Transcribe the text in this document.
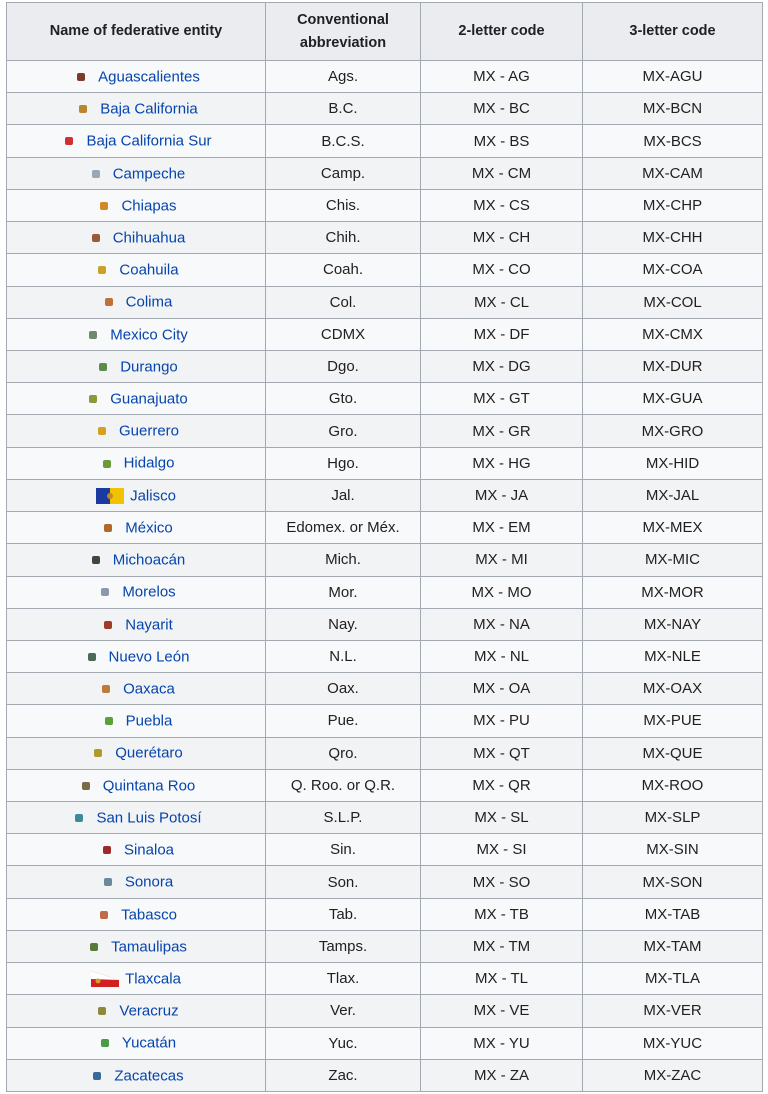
Name of federative entity	Conventional abbreviation	2-letter code	3-letter code

Aguascalientes	Ags.	MX - AG	MX-AGU

Baja California	B.C.	MX - BC	MX-BCN

Baja California Sur	B.C.S.	MX - BS	MX-BCS

Campeche	Camp.	MX - CM	MX-CAM

Chiapas	Chis.	MX - CS	MX-CHP

Chihuahua	Chih.	MX - CH	MX-CHH

Coahuila	Coah.	MX - CO	MX-COA

Colima	Col.	MX - CL	MX-COL

Mexico City	CDMX	MX - DF	MX-CMX

Durango	Dgo.	MX - DG	MX-DUR

Guanajuato	Gto.	MX - GT	MX-GUA

Guerrero	Gro.	MX - GR	MX-GRO

Hidalgo	Hgo.	MX - HG	MX-HID
Jalisco	Jal.	MX - JA	MX-JAL

México	Edomex. or Méx.	MX - EM	MX-MEX

Michoacán	Mich.	MX - MI	MX-MIC

Morelos	Mor.	MX - MO	MX-MOR

Nayarit	Nay.	MX - NA	MX-NAY

Nuevo León	N.L.	MX - NL	MX-NLE

Oaxaca	Oax.	MX - OA	MX-OAX

Puebla	Pue.	MX - PU	MX-PUE

Querétaro	Qro.	MX - QT	MX-QUE

Quintana Roo	Q. Roo. or Q.R.	MX - QR	MX-ROO

San Luis Potosí	S.L.P.	MX - SL	MX-SLP

Sinaloa	Sin.	MX - SI	MX-SIN

Sonora	Son.	MX - SO	MX-SON

Tabasco	Tab.	MX - TB	MX-TAB

Tamaulipas	Tamps.	MX - TM	MX-TAM
Tlaxcala	Tlax.	MX - TL	MX-TLA

Veracruz	Ver.	MX - VE	MX-VER

Yucatán	Yuc.	MX - YU	MX-YUC

Zacatecas	Zac.	MX - ZA	MX-ZAC
